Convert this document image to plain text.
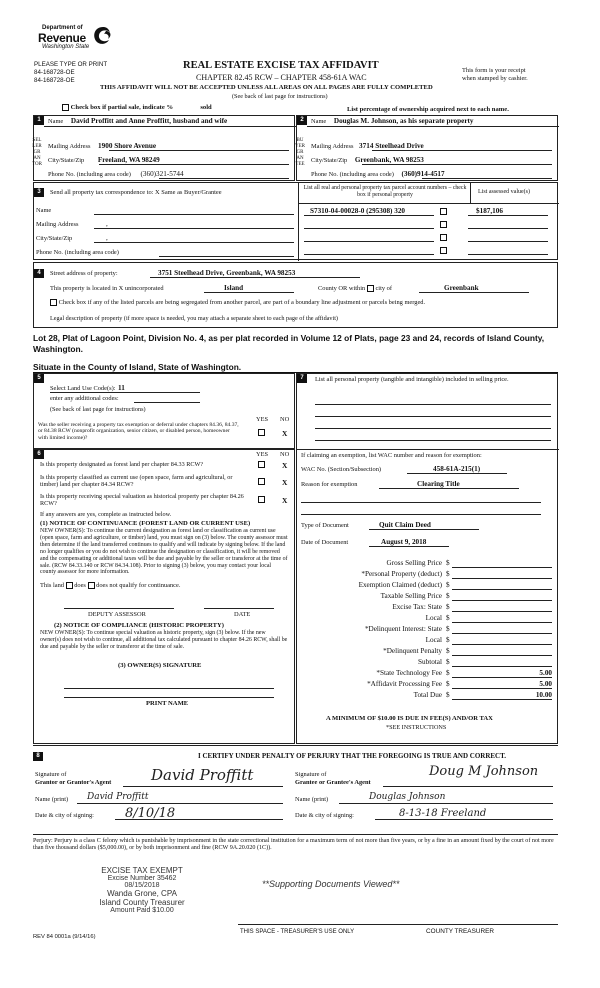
Department of
Revenue
Washington State
PLEASE TYPE OR PRINT
84-168728-OE
84-168728-OE
REAL ESTATE EXCISE TAX AFFIDAVIT
CHAPTER 82.45 RCW – CHAPTER 458-61A WAC
This form is your receipt
when stamped by cashier.
THIS AFFIDAVIT WILL NOT BE ACCEPTED UNLESS ALL AREAS ON ALL PAGES ARE FULLY COMPLETED
(See back of last page for instructions)
Check box if partial sale, indicate %	sold	List percentage of ownership acquired next to each name.
1
SELLER GRANTOR
Name David Proffitt and Anne Proffitt, husband and wife
Mailing Address 1900 Shore Avenue
City/State/Zip Freeland, WA 98249
Phone No. (including area code) (360)321-5744
2
BUYER GRANTEE
Name Douglas M. Johnson, as his separate property
Mailing Address 3714 Steelhead Drive
City/State/Zip Greenbank, WA 98253
Phone No. (including area code) (360)914-4517
3	Send all property tax correspondence to: X Same as Buyer/Grantee
Name
Mailing Address	,
City/State/Zip	,
Phone No. (including area code)
List all real and personal property tax parcel account numbers – check box if personal property	List assessed value(s)
S7310-04-00028-0 (295308) 320	$187,106
4	Street address of property:	3751 Steelhead Drive, Greenbank, WA 98253
This property is located in X unincorporated	Island	County OR within city of	Greenbank
Check box if any of the listed parcels are being segregated from another parcel, are part of a boundary line adjustment or parcels being merged.
Legal description of property (if more space is needed, you may attach a separate sheet to each page of the affidavit)
Lot 28, Plat of Lagoon Point, Division No. 4, as per plat recorded in Volume 12 of Plats, page 23 and 24, records of Island County, Washington.
Situate in the County of Island, State of Washington.
5
Select Land Use Code(s): 11
enter any additional codes:
(See back of last page for instructions)
YES NO
Was the seller receiving a property tax exemption or deferral under chapters 84.36, 84.37, or 84.38 RCW (nonprofit organization, senior citizen, or disabled person, homeowner with limited income)?	X
6	YES NO
Is this property designated as forest land per chapter 84.33 RCW?	X
Is this property classified as current use (open space, farm and agricultural, or timber) land per chapter 84.34 RCW?	X
Is this property receiving special valuation as historical property per chapter 84.26 RCW?	X
If any answers are yes, complete as instructed below.
(1) NOTICE OF CONTINUANCE (FOREST LAND OR CURRENT USE)
NEW OWNER(S): To continue the current designation as forest land or classification as current use (open space, farm and agriculture, or timber) land, you must sign on (3) below. The county assessor must then determine if the land transferred continues to qualify and will indicate by signing below. If the land no longer qualifies or you do not wish to continue the designation or classification, it will be removed and the compensating or additional taxes will be due and payable by the seller or transferor at the time of sale. (RCW 84.33.140 or RCW 84.34.108). Prior to signing (3) below, you may contact your local county assessor for more information.
This land does does not qualify for continuance.
DEPUTY ASSESSOR	DATE
(2) NOTICE OF COMPLIANCE (HISTORIC PROPERTY)
NEW OWNER(S): To continue special valuation as historic property, sign (3) below. If the new owner(s) does not wish to continue, all additional tax calculated pursuant to chapter 84.26 RCW, shall be due and payable by the seller or transferor at the time of sale.
(3) OWNER(S) SIGNATURE
PRINT NAME
7	List all personal property (tangible and intangible) included in selling price.
If claiming an exemption, list WAC number and reason for exemption:
WAC No. (Section/Subsection)	458-61A-215(1)
Reason for exemption	Clearing Title
Type of Document	Quit Claim Deed
Date of Document	August 9, 2018
Gross Selling Price $
*Personal Property (deduct) $
Exemption Claimed (deduct) $
Taxable Selling Price $
Excise Tax: State $
Local $
*Delinquent Interest: State $
Local $
*Delinquent Penalty $
Subtotal $
*State Technology Fee $	5.00
*Affidavit Processing Fee $	5.00
Total Due $	10.00
A MINIMUM OF $10.00 IS DUE IN FEE(S) AND/OR TAX
*SEE INSTRUCTIONS
8	I CERTIFY UNDER PENALTY OF PERJURY THAT THE FOREGOING IS TRUE AND CORRECT.
Signature of
Grantor or Grantor's Agent	David Proffitt
Name (print) David Proffitt
Date & city of signing: 8/10/18
Signature of
Grantee or Grantee's Agent
Doug M Johnson
Name (print)	Douglas Johnson
Date & city of signing:	8-13-18 Freeland
Perjury: Perjury is a class C felony which is punishable by imprisonment in the state correctional institution for a maximum term of not more than five years, or by a fine in an amount fixed by the court of not more than five thousand dollars ($5,000.00), or by both imprisonment and fine (RCW 9A.20.020 (1C)).
EXCISE TAX EXEMPT
Excise Number 35462
08/15/2018
Wanda Grone, CPA
Island County Treasurer
Amount Paid $10.00
**Supporting Documents Viewed**
REV 84 0001a (9/14/16)
THIS SPACE - TREASURER'S USE ONLY	COUNTY TREASURER
